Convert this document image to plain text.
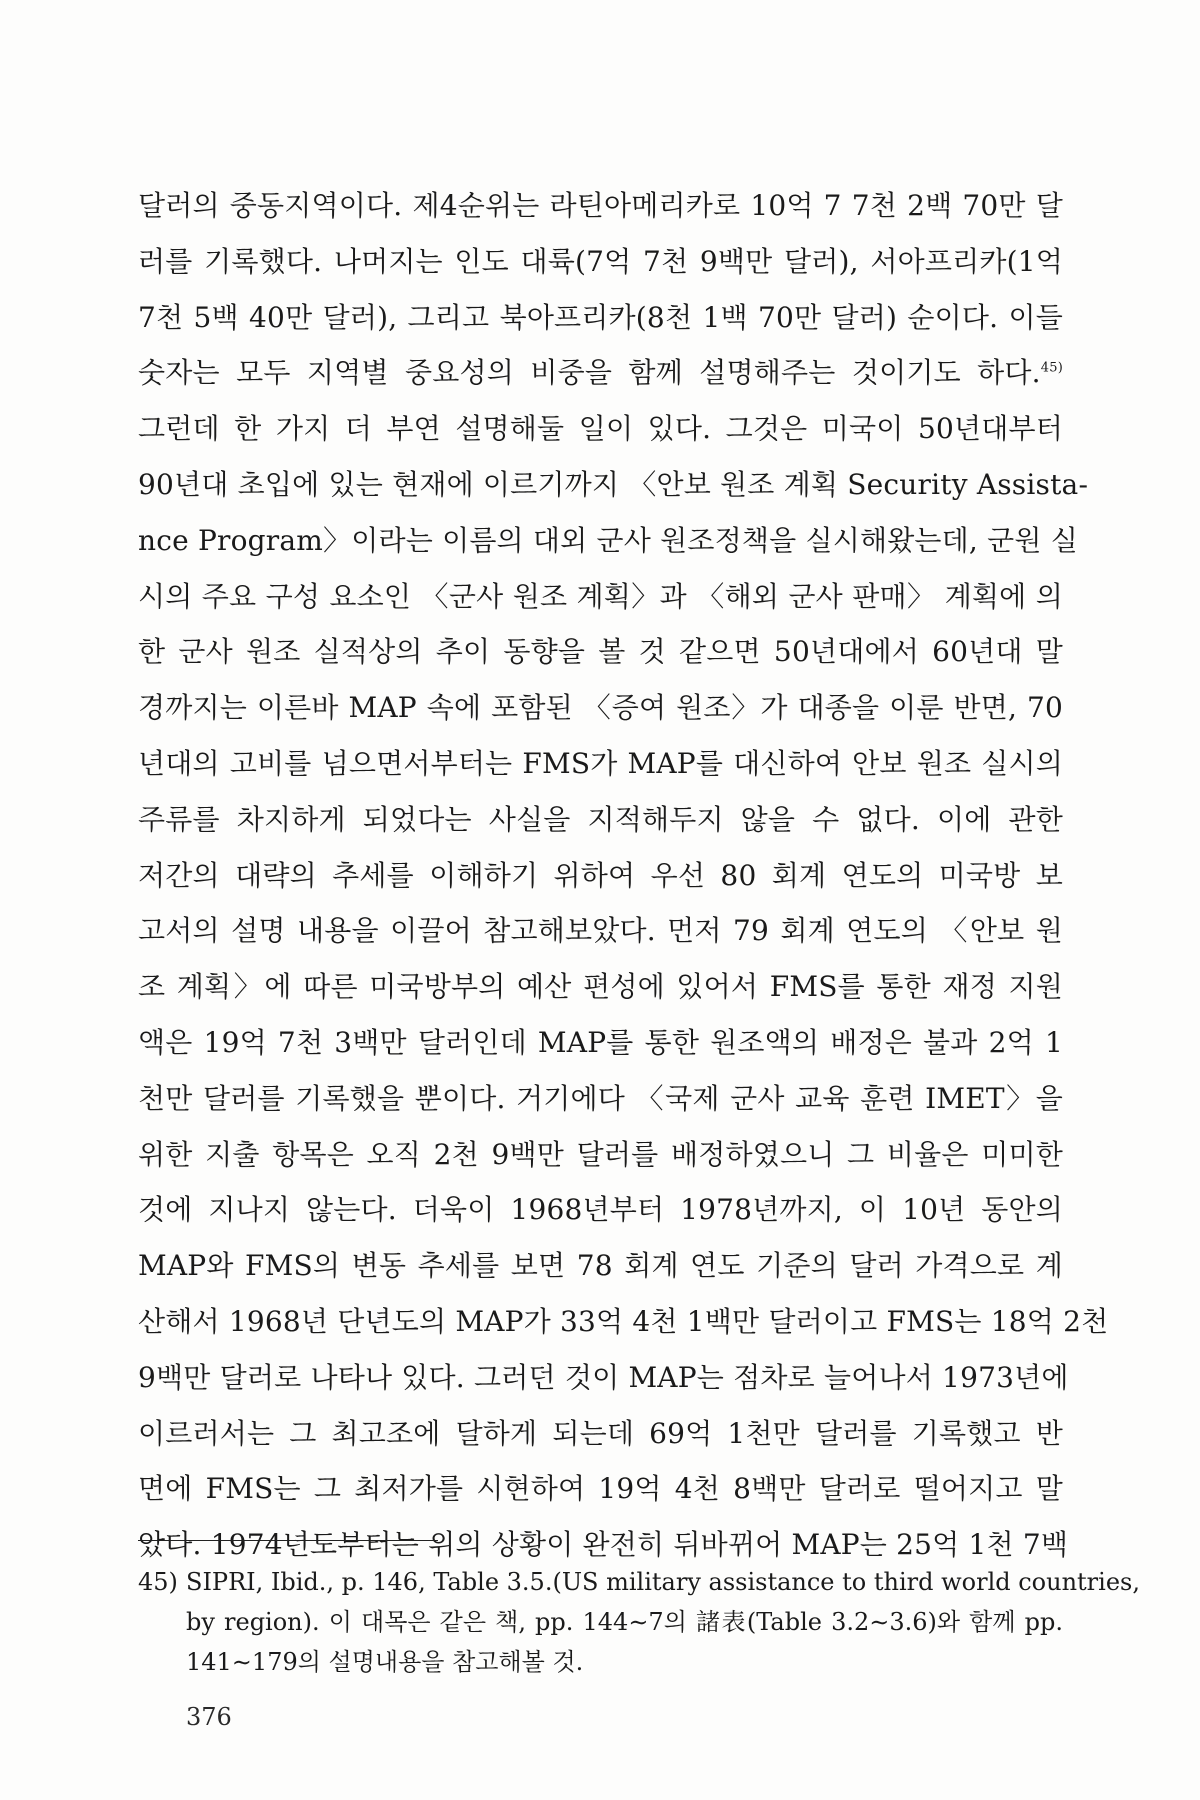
달러의 중동지역이다. 제4순위는 라틴아메리카로 10억 7 7천 2백 70만 달
러를 기록했다. 나머지는 인도 대륙(7억 7천 9백만 달러), 서아프리카(1억
7천 5백 40만 달러), 그리고 북아프리카(8천 1백 70만 달러) 순이다. 이들
숫자는 모두 지역별 중요성의 비중을 함께 설명해주는 것이기도 하다.$^{45)}$
그런데 한 가지 더 부연 설명해둘 일이 있다. 그것은 미국이 50년대부터
90년대 초입에 있는 현재에 이르기까지 〈안보 원조 계획 Security Assista-
nce Program〉이라는 이름의 대외 군사 원조정책을 실시해왔는데, 군원 실
시의 주요 구성 요소인 〈군사 원조 계획〉과 〈해외 군사 판매〉 계획에 의
한 군사 원조 실적상의 추이 동향을 볼 것 같으면 50년대에서 60년대 말
경까지는 이른바 MAP 속에 포함된 〈증여 원조〉가 대종을 이룬 반면, 70
년대의 고비를 넘으면서부터는 FMS가 MAP를 대신하여 안보 원조 실시의
주류를 차지하게 되었다는 사실을 지적해두지 않을 수 없다. 이에 관한
저간의 대략의 추세를 이해하기 위하여 우선 80 회계 연도의 미국방 보
고서의 설명 내용을 이끌어 참고해보았다. 먼저 79 회계 연도의 〈안보 원
조 계획〉에 따른 미국방부의 예산 편성에 있어서 FMS를 통한 재정 지원
액은 19억 7천 3백만 달러인데 MAP를 통한 원조액의 배정은 불과 2억 1
천만 달러를 기록했을 뿐이다. 거기에다 〈국제 군사 교육 훈련 IMET〉을
위한 지출 항목은 오직 2천 9백만 달러를 배정하였으니 그 비율은 미미한
것에 지나지 않는다. 더욱이 1968년부터 1978년까지, 이 10년 동안의
MAP와 FMS의 변동 추세를 보면 78 회계 연도 기준의 달러 가격으로 계
산해서 1968년 단년도의 MAP가 33억 4천 1백만 달러이고 FMS는 18억 2천
9백만 달러로 나타나 있다. 그러던 것이 MAP는 점차로 늘어나서 1973년에
이르러서는 그 최고조에 달하게 되는데 69억 1천만 달러를 기록했고 반
면에 FMS는 그 최저가를 시현하여 19억 4천 8백만 달러로 떨어지고 말
았다. 1974년도부터는 위의 상황이 완전히 뒤바뀌어 MAP는 25억 1천 7백
45) SIPRI, Ibid., p. 146, Table 3.5.(US military assistance to third world countries,
by region). 이 대목은 같은 책, pp. 144∼7의 諸表(Table 3.2∼3.6)와 함께 pp.
141∼179의 설명내용을 참고해볼 것.
376
